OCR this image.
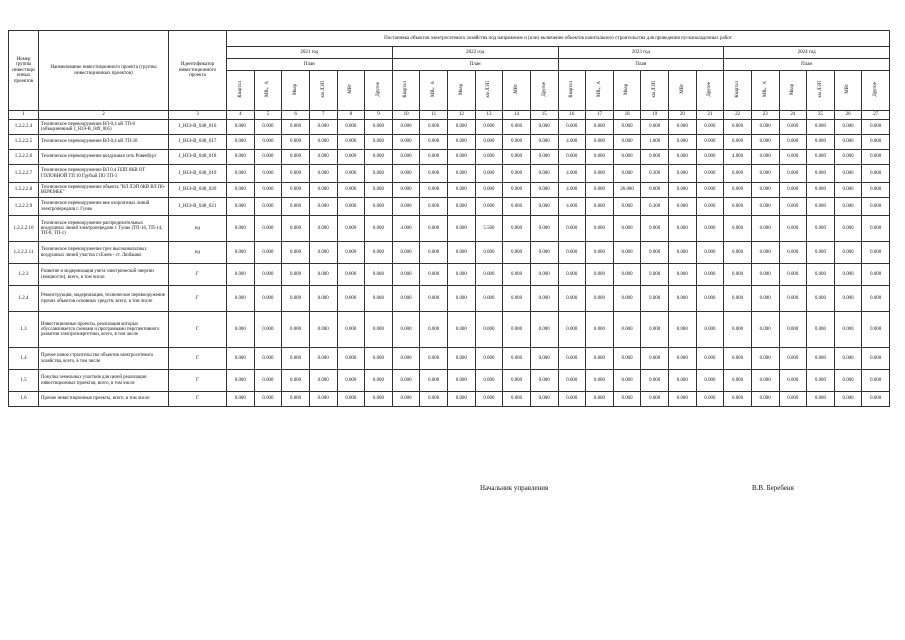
Номер группы инвестици онных проектов	Наименование инвестиционного проекта (группы инвестиционных проектов)	Идентификатор инвестиционного проекта	Постановка объектов электросетевого хозяйства под напряжение и (или) включение объектов капитального строительства для проведения пусконаладочных работ																							
			2021 год						2022 год						2023 год						2024 год					
			План						План						План						План					
			Квартал	МВ×А	Мвар	км ЛЭП	МВт	Другое	Квартал	МВ×А	Мвар	км ЛЭП	МВт	Другое	Квартал	МВ×А	Мвар	км ЛЭП	МВт	Другое	Квартал	МВ×А	Мвар	км ЛЭП	МВт	Другое
1	2	3	4	5	6	7	8	9	10	11	12	13	14	15	16	17	18	19	20	21	22	23	24	25	26	27
1.2.2.2.4	Техническое перевооружение ВЛ-0,4 кВ ТП-8 (объединенный J_ЮЭ-В_049_005)	J_ЮЭ-В_048_016	0.000	0.000	0.000	0.000	0.000	0.000	0.000	0.000	0.000	0.000	0.000	0.000	0.000	0.000	0.000	0.000	0.000	0.000	0.000	0.000	0.000	0.000	0.000	0.000
1.2.2.2.5	Техническое перевооружение ВЛ-0,4 кВ ТП-30	J_ЮЭ-В_048_017	0.000	0.000	0.000	0.000	0.000	0.000	0.000	0.000	0.000	0.000	0.000	0.000	4.000	0.000	0.000	1.000	0.000	0.000	0.000	0.000	0.000	0.000	0.000	0.000
1.2.2.2.6	Техническое перевооружение воздушная сеть Ровенбург	J_ЮЭ-В_048_018	0.000	0.000	0.000	0.000	0.000	0.000	0.000	0.000	0.000	0.000	0.000	0.000	0.000	0.000	0.000	0.000	0.000	0.000	4.000	0.000	0.000	6.000	0.000	0.000
1.2.2.2.7	Техническое перевооружение ВЛ 0,4 ПЛП 6КВ ОТ ГОЛОВНОЙ ТП 10 Грубый ПО ТП-3	J_ЮЭ-В_048_019	0.000	0.000	0.000	0.000	0.000	0.000	0.000	0.000	0.000	0.000	0.000	0.000	4.000	0.000	0.000	0.300	0.000	0.000	0.000	0.000	0.000	0.000	0.000	0.000
1.2.2.2.8	Техническое перевооружение объекта "ВЛ ЛЭП 6КВ ВЛ П6-ВЕРЕМЬЕ"	J_ЮЭ-В_048_020	0.000	0.000	0.000	0.000	0.000	0.000	0.000	0.000	0.000	0.000	0.000	0.000	4.000	0.000	26.000	0.000	0.000	0.000	0.000	0.000	0.000	0.000	0.000	0.000
1.2.2.2.9	Техническое перевооружение вне охоронтных линий электропередачи г. Гуово	J_ЮЭ-В_048_021	0.000	0.000	0.000	0.000	0.000	0.000	0.000	0.000	0.000	0.000	0.000	0.000	4.000	0.000	0.000	0.300	0.000	0.000	0.000	0.000	0.000	0.000	0.000	0.000
1.2.2.2.10	Техническое перевооружение распределительных воздушных линий электропередачи г. Гуово (ТП-16, ТП-14, ТП-8, ТП-1)	нд	0.000	0.000	0.000	0.000	0.000	0.000	4.000	0.000	0.000	5.500	0.000	0.000	0.000	0.000	0.000	0.000	0.000	0.000	0.000	0.000	0.000	0.000	0.000	0.000
1.2.2.2.11	Техническое перевооружение трех высоковольтных воздушных линий участка ст.Ежев - ст. Любашко	нд	0.000	0.000	0.000	0.000	0.000	0.000	0.000	0.000	0.000	0.000	0.000	0.000	0.000	0.000	0.000	0.000	0.000	0.000	0.000	0.000	0.000	0.000	0.000	0.000
1.2.3	Развитие и модернизация учета электрической энергии (мощности), всего, в том числе	Г	0.000	0.000	0.000	0.000	0.000	0.000	0.000	0.000	0.000	0.000	0.000	0.000	0.000	0.000	0.000	0.000	0.000	0.000	0.000	0.000	0.000	0.000	0.000	0.000
1.2.4	Реконструкция, модернизация, техническое перевооружение прочих объектов основных средств, всего, в том числе	Г	0.000	0.000	0.000	0.000	0.000	0.000	0.000	0.000	0.000	0.000	0.000	0.000	0.000	0.000	0.000	0.000	0.000	0.000	0.000	0.000	0.000	0.000	0.000	0.000
1.3	Инвестиционные проекты, реализация которых обуславливается схемами и программами перспективного развития электроэнергетики, всего, в том числе	Г	0.000	0.000	0.000	0.000	0.000	0.000	0.000	0.000	0.000	0.000	0.000	0.000	0.000	0.000	0.000	0.000	0.000	0.000	0.000	0.000	0.000	0.000	0.000	0.000
1.4	Прочее новое строительство объектов электросетевого хозяйства, всего, в том числе	Г	0.000	0.000	0.000	0.000	0.000	0.000	0.000	0.000	0.000	0.000	0.000	0.000	0.000	0.000	0.000	0.000	0.000	0.000	0.000	0.000	0.000	0.000	0.000	0.000
1.5	Покупка земельных участков для целей реализации инвестиционных проектов, всего, в том числе	Г	0.000	0.000	0.000	0.000	0.000	0.000	0.000	0.000	0.000	0.000	0.000	0.000	0.000	0.000	0.000	0.000	0.000	0.000	0.000	0.000	0.000	0.000	0.000	0.000
1.6	Прочие инвестиционные проекты, всего, в том числе	Г	0.000	0.000	0.000	0.000	0.000	0.000	0.000	0.000	0.000	0.000	0.000	0.000	0.000	0.000	0.000	0.000	0.000	0.000	0.000	0.000	0.000	0.000	0.000	0.000
Начальник управления	В.В. Беребеня
